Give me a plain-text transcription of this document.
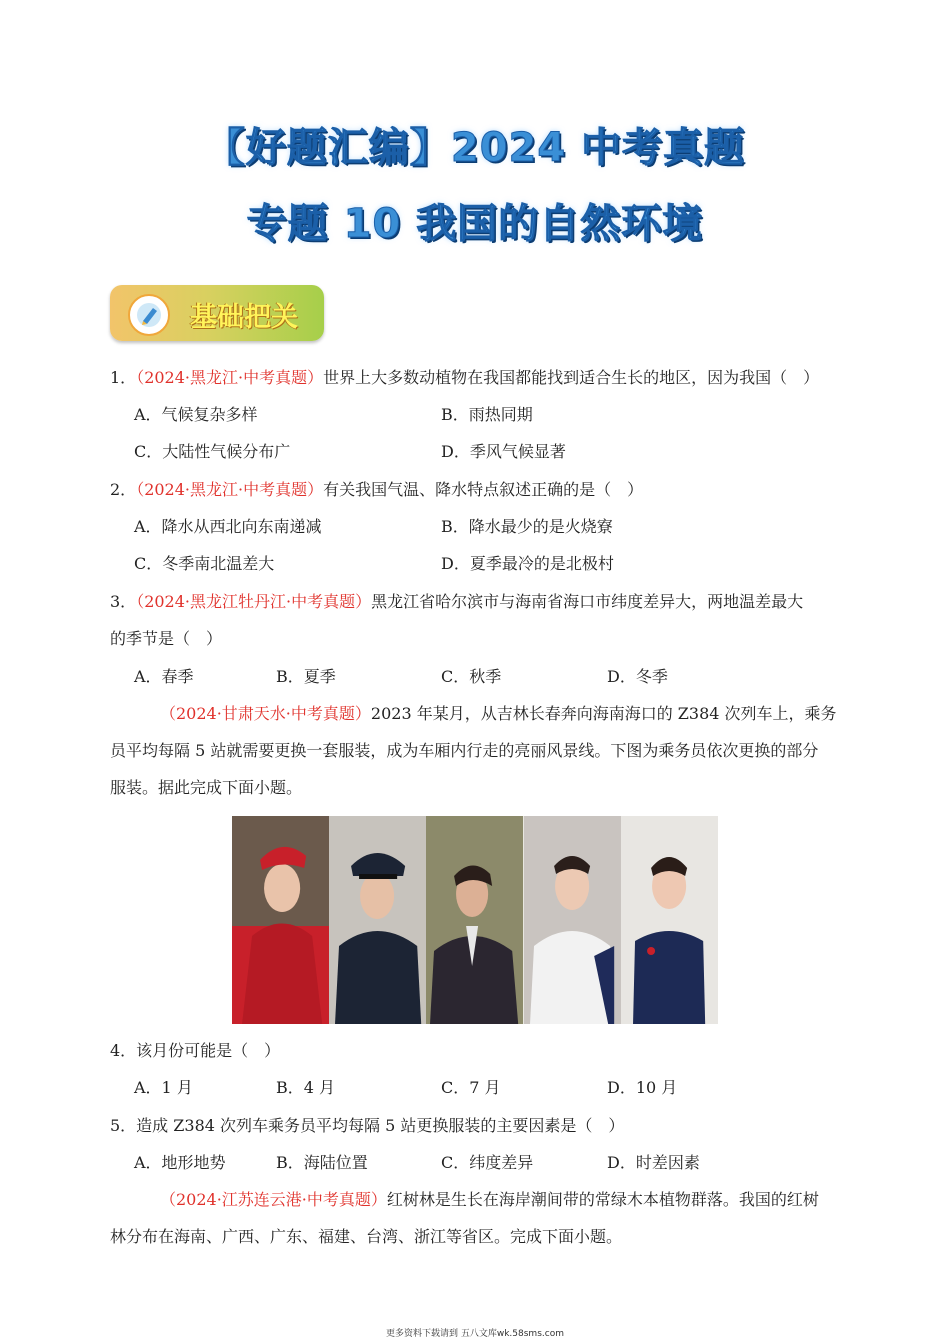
【好题汇编】2024 中考真题
专题 10 我国的自然环境
基础把关
1．（2024·黑龙江·中考真题）世界上大多数动植物在我国都能找到适合生长的地区，因为我国（　）
A．气候复杂多样	B．雨热同期
C．大陆性气候分布广	D．季风气候显著
2．（2024·黑龙江·中考真题）有关我国气温、降水特点叙述正确的是（　）
A．降水从西北向东南递减	B．降水最少的是火烧寮
C．冬季南北温差大	D．夏季最冷的是北极村
3．（2024·黑龙江牡丹江·中考真题）黑龙江省哈尔滨市与海南省海口市纬度差异大，两地温差最大
的季节是（　）
A．春季	B．夏季	C．秋季	D．冬季
（2024·甘肃天水·中考真题）2023 年某月，从吉林长春奔向海南海口的 Z384 次列车上，乘务
员平均每隔 5 站就需要更换一套服装，成为车厢内行走的亮丽风景线。下图为乘务员依次更换的部分
服装。据此完成下面小题。
4．该月份可能是（　）
A．1 月	B．4 月	C．7 月	D．10 月
5．造成 Z384 次列车乘务员平均每隔 5 站更换服装的主要因素是（　）
A．地形地势	B．海陆位置	C．纬度差异	D．时差因素
（2024·江苏连云港·中考真题）红树林是生长在海岸潮间带的常绿木本植物群落。我国的红树
林分布在海南、广西、广东、福建、台湾、浙江等省区。完成下面小题。
更多资料下载请到 五八文库wk.58sms.com
